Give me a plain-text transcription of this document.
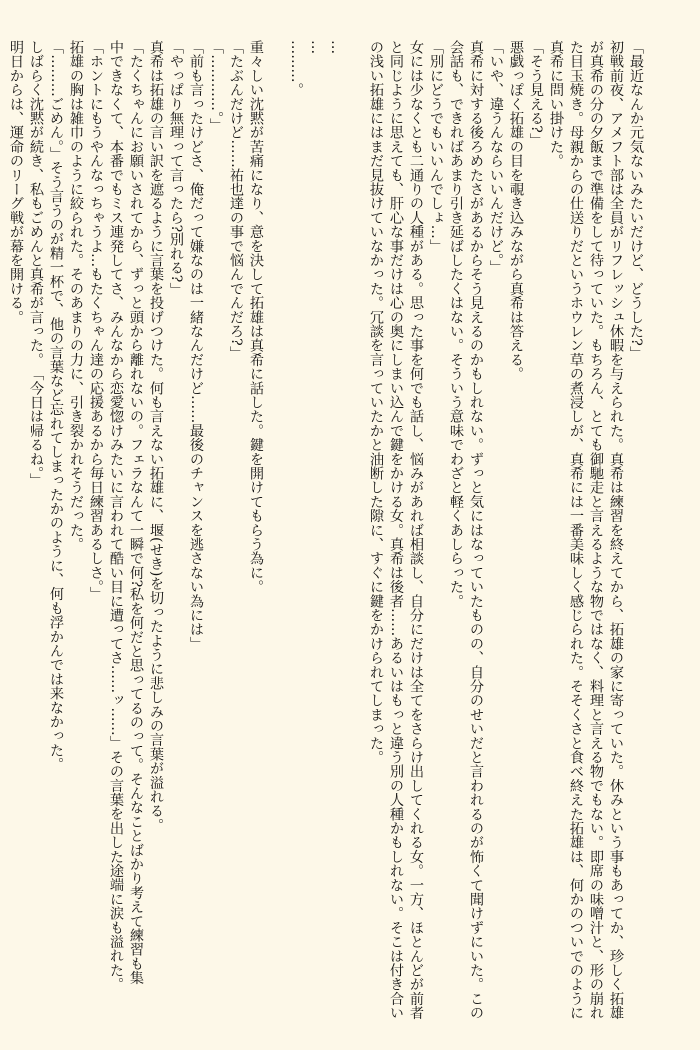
「最近なんか元気ないみたいだけど、どうした?」
初戦前夜、アメフト部は全員がリフレッシュ休暇を与えられた。真希は練習を終えてから、拓雄の家に寄っていた。休みという事もあってか、珍しく拓雄
が真希の分の夕飯まで準備をして待っていた。もちろん、とても御馳走と言えるような物ではなく、料理と言える物でもない。即席の味噌汁と、形の崩れ
た目玉焼き。母親からの仕送りだというホウレン草の煮浸しが、真希には一番美味しく感じられた。そそくさと食べ終えた拓雄は、何かのついでのように
真希に問い掛けた。
「そう見える?」
悪戯っぽく拓雄の目を覗き込みながら真希は答える。
「いや、違うんならいいんだけど。」
真希に対する後ろめたさがあるからそう見えるのかもしれない。ずっと気にはなっていたものの、自分のせいだと言われるのが怖くて聞けずにいた。この
会話も、できればあまり引き延ばしたくはない。そういう意味でわざと軽くあしらった。
「別にどうでもいいんでしょ…」
女には少なくとも二通りの人種がある。思った事を何でも話し、悩みがあれば相談し、自分にだけは全てをさらけ出してくれる女。一方、ほとんどが前者
と同じように思えても、肝心な事だけは心の奥にしまい込んで鍵をかける女。真希は後者……あるいはもっと違う別の人種かもしれない。そこは付き合い
の浅い拓雄にはまだ見抜けていなかった。冗談を言っていたかと油断した隙に、すぐに鍵をかけられてしまった。
…
…
………。
重々しい沈黙が苦痛になり、意を決して拓雄は真希に話した。鍵を開けてもらう為に。
「たぶんだけど……祐也達の事で悩んでんだろ?」
「…………。」
「前も言ったけどさ、俺だって嫌なのは一緒なんだけど……最後のチャンスを逃さない為には」
「やっぱり無理って言ったら?別れる?」
真希は拓雄の言い訳を遮るように言葉を投げつけた。何も言えない拓雄に、堰(せき)を切ったように悲しみの言葉が溢れる。
「たくちゃんにお願いされてから、ずっと頭から離れないの。フェラなんて一瞬で何?私を何だと思ってるのって。そんなことばかり考えて練習も集
中できなくて、本番でもミス連発してさ、みんなから恋愛惚けみたいに言われて酷い目に遭ってさ……ッ……」その言葉を出した途端に涙も溢れた。
「ホントにもうやんなっちゃうよ…もたくちゃん達の応援あるから毎日練習あるしさ。」
拓雄の胸は雑巾のように絞られた。そのあまりの力に、引き裂かれそうだった。
「………ごめん。」そう言うのが精一杯で、他の言葉など忘れてしまったかのように、何も浮かんでは来なかった。
しばらく沈黙が続き、私もごめんと真希が言った。　「今日は帰るね。」
明日からは、運命のリーグ戦が幕を開ける。
